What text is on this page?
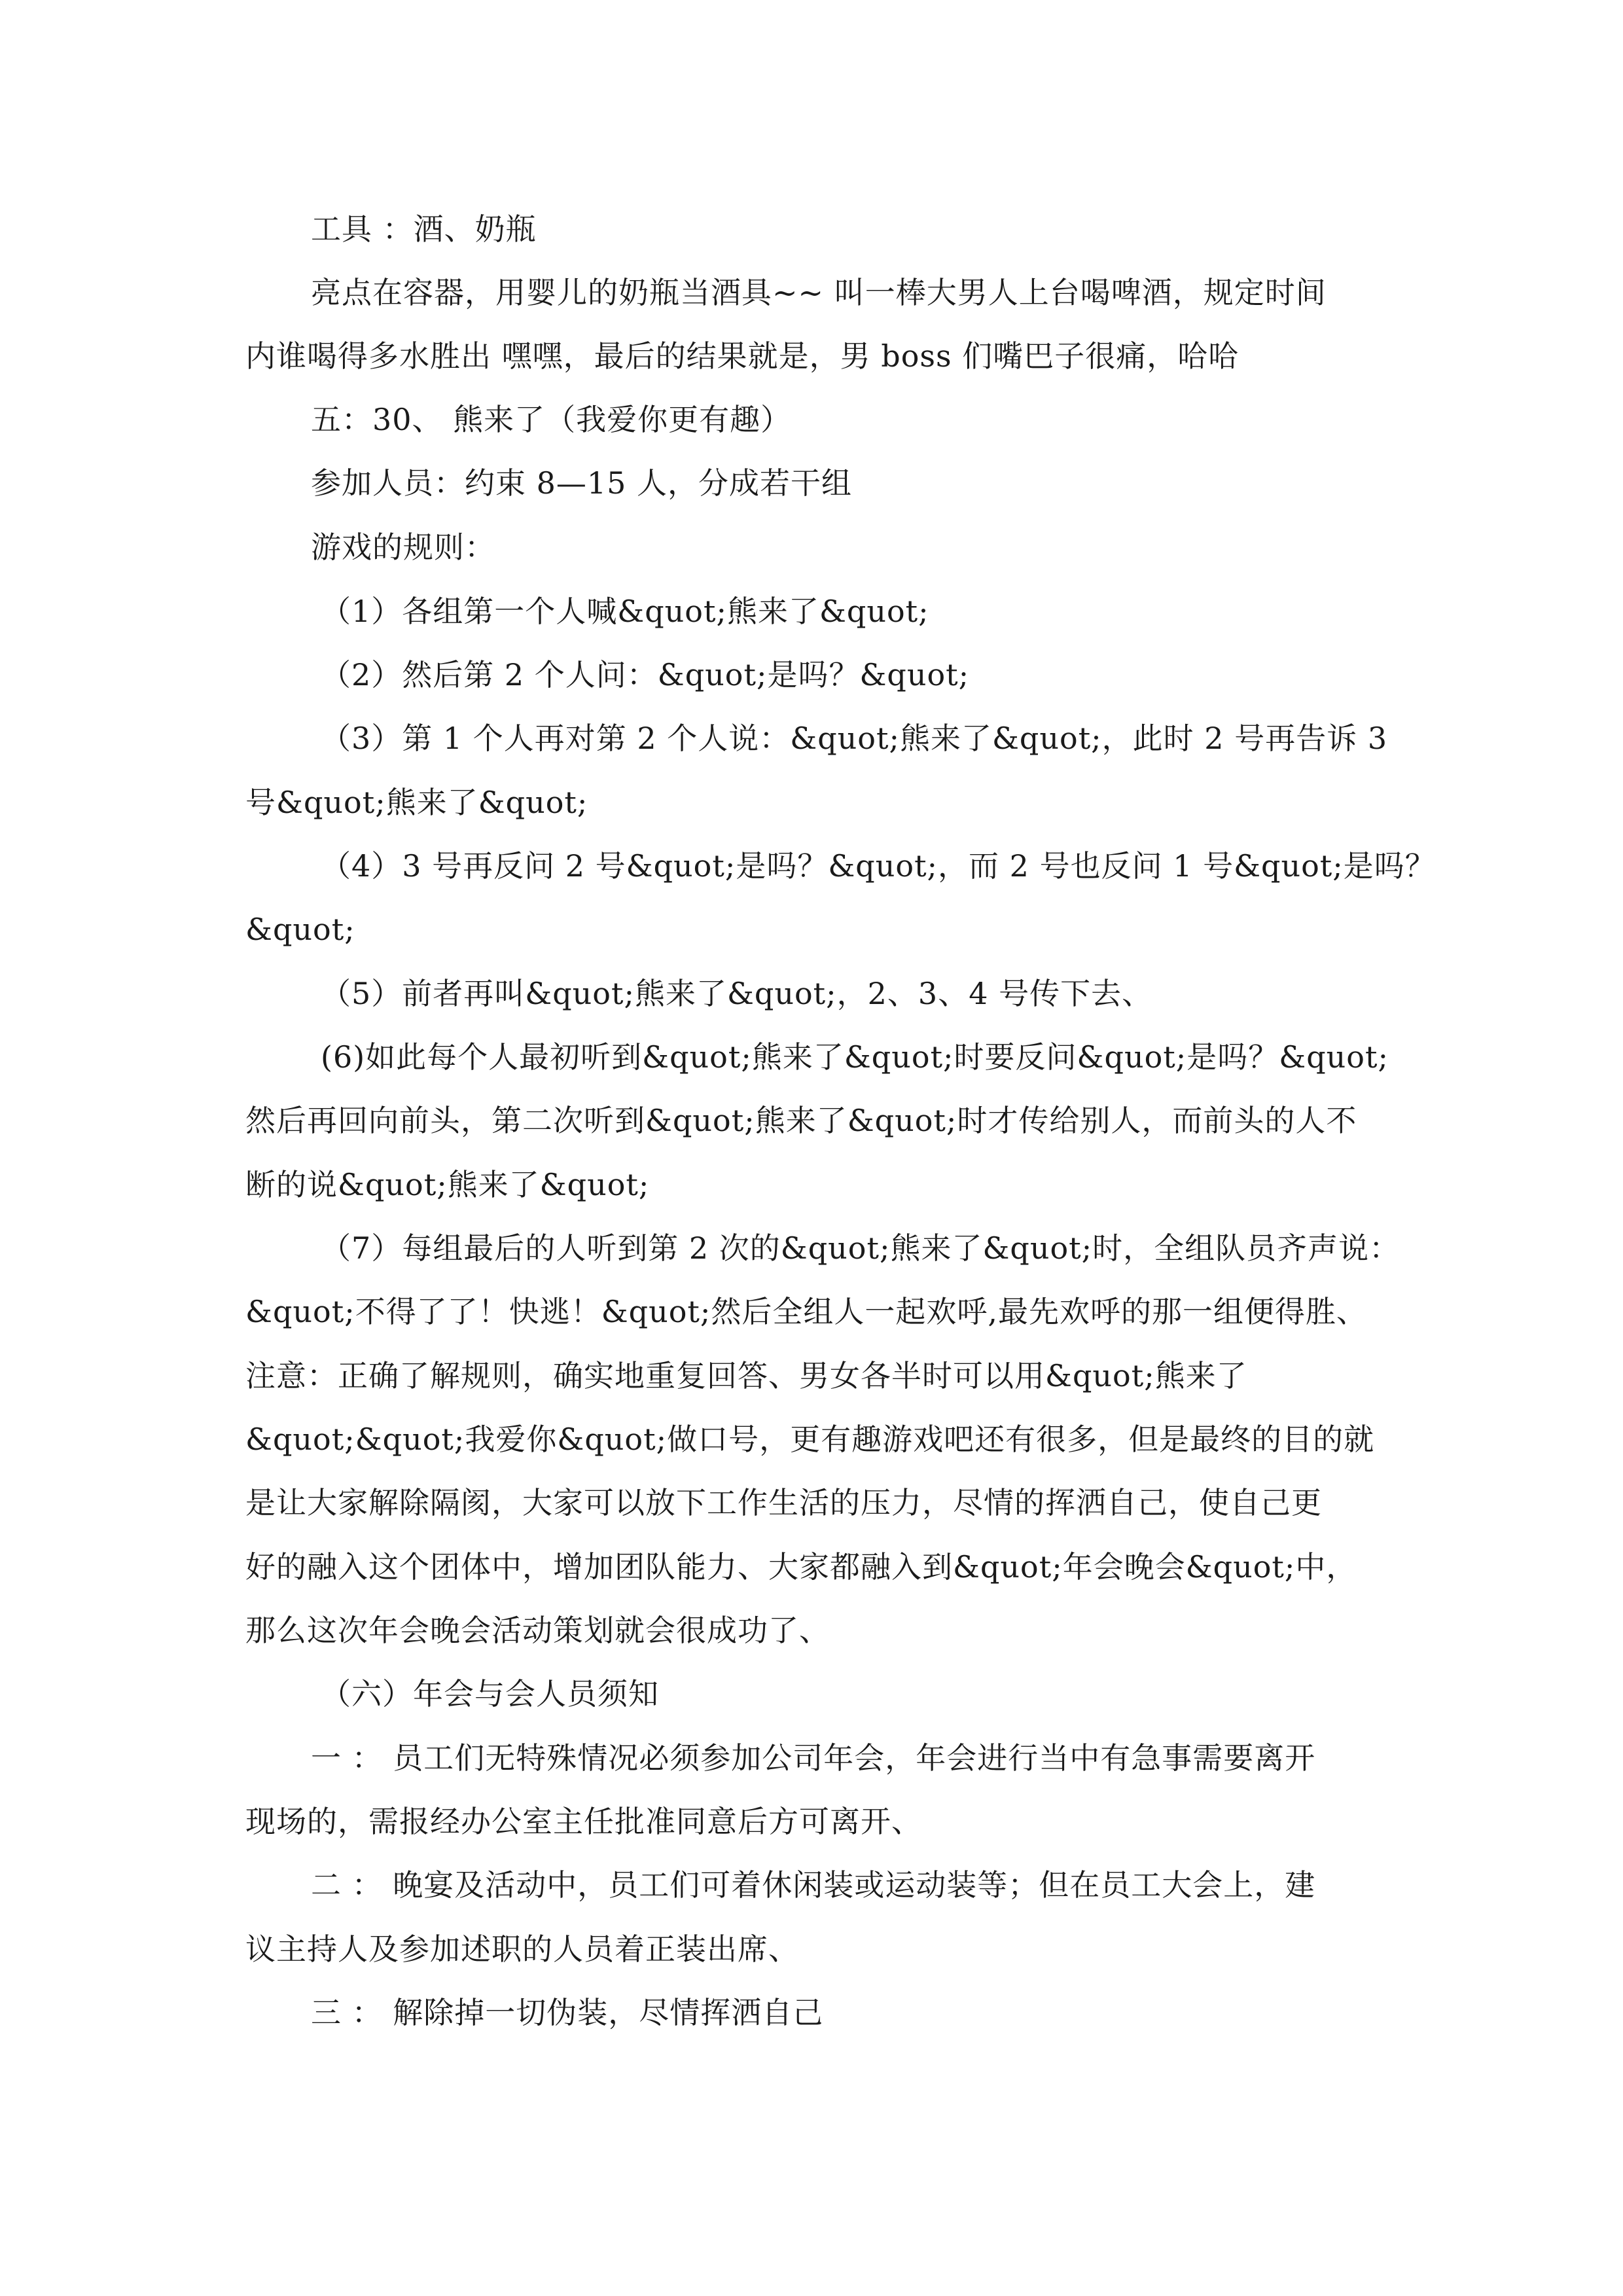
工具 ：酒、奶瓶
亮点在容器，用婴儿的奶瓶当酒具~~ 叫一棒大男人上台喝啤酒，规定时间
内谁喝得多水胜出 嘿嘿，最后的结果就是，男 boss 们嘴巴子很痛，哈哈
五：30、 熊来了（我爱你更有趣）
参加人员：约束 8—15 人，分成若干组
游戏的规则：
（1）各组第一个人喊&quot;熊来了&quot;
（2）然后第 2 个人问：&quot;是吗？&quot;
（3）第 1 个人再对第 2 个人说：&quot;熊来了&quot;，此时 2 号再告诉 3
号&quot;熊来了&quot;
（4）3 号再反问 2 号&quot;是吗？&quot;，而 2 号也反问 1 号&quot;是吗？
&quot;
（5）前者再叫&quot;熊来了&quot;，2、3、4 号传下去、
(6)如此每个人最初听到&quot;熊来了&quot;时要反问&quot;是吗？&quot;
然后再回向前头，第二次听到&quot;熊来了&quot;时才传给别人，而前头的人不
断的说&quot;熊来了&quot;
（7）每组最后的人听到第 2 次的&quot;熊来了&quot;时，全组队员齐声说：
&quot;不得了了！快逃！&quot;然后全组人一起欢呼,最先欢呼的那一组便得胜、
注意：正确了解规则，确实地重复回答、男女各半时可以用&quot;熊来了
&quot;&quot;我爱你&quot;做口号，更有趣游戏吧还有很多，但是最终的目的就
是让大家解除隔阂，大家可以放下工作生活的压力，尽情的挥洒自己，使自己更
好的融入这个团体中，增加团队能力、大家都融入到&quot;年会晚会&quot;中，
那么这次年会晚会活动策划就会很成功了、
（六）年会与会人员须知
一 ： 员工们无特殊情况必须参加公司年会，年会进行当中有急事需要离开
现场的，需报经办公室主任批准同意后方可离开、
二 ： 晚宴及活动中，员工们可着休闲装或运动装等；但在员工大会上，建
议主持人及参加述职的人员着正装出席、
三 ： 解除掉一切伪装，尽情挥洒自己
